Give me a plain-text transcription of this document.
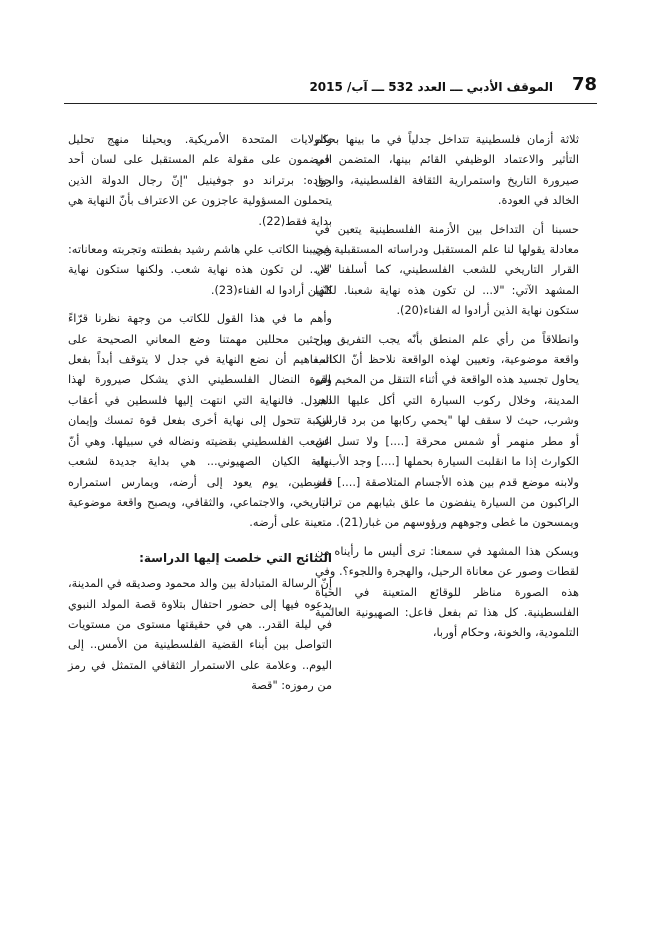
78
الموقف الأدبي ـــ العدد 532 ـــ آب/ 2015

ثلاثة أزمان فلسطينية تتداخل جدلياً في ما بينها بحكم التأثير والاعتماد الوظيفي القائم بينها، المتضمن في صيرورة التاريخ واستمرارية الثقافة الفلسطينية، والحق الخالد في العودة.

حسبنا أن التداخل بين الأزمنة الفلسطينية يتعين في معادلة يقولها لنا علم المستقبل ودراساته المستقبلية في القرار التاريخي للشعب الفلسطيني، كما أسلفنا في المشهد الآتي: "لا... لن تكون هذه نهاية شعبنا. لكنّها ستكون نهاية الذين أرادوا له الفناء(20).

وانطلاقاً من رأي علم المنطق بأنّه يجب التفريق بين واقعة موضوعية، وتعيين لهذه الواقعة نلاحظ أنّ الكاتب يحاول تجسيد هذه الواقعة في أثناء التنقل من المخيم إلى المدينة، وخلال ركوب السيارة التي أكل عليها الدهر وشرب، حيث لا سقف لها "يحمي ركابها من برد قارس، أو مطر منهمر أو شمس محرقة [....] ولا تسل عن الكوارث إذا ما انقلبت السيارة بحملها [....] وجد الأب له ولابنه موضع قدم بين هذه الأجسام المتلاصقة [....] قفز الراكبون من السيارة ينفضون ما علق بثيابهم من تراب، ويمسحون ما غطى وجوههم ورؤوسهم من غبار(21).

ويسكن هذا المشهد في سمعنا: ترى أليس ما رأيناه من لقطات وصور عن معاناة الرحيل، والهجرة واللجوء؟. وفي هذه الصورة مناظر للوقائع المتعينة في الحياة الفلسطينية. كل هذا تم بفعل فاعل: الصهيونية العالمية التلمودية، والخونة، وحكام أوربا،

والولايات المتحدة الأمريكية. ويحيلنا منهج تحليل المضمون على مقولة علم المستقبل على لسان أحد رواده: برتراند دو جوفينيل "إنّ رجال الدولة الذين يتحملون المسؤولية عاجزون عن الاعتراف بأنّ النهاية هي بداية فقط(22).

ويجيبنا الكاتب علي هاشم رشيد بفطنته وتجربته ومعاناته: "لا... لن تكون هذه نهاية شعب. ولكنها ستكون نهاية الذين أرادوا له الفناء(23).

وأهم ما في هذا القول للكاتب من وجهة نظرنا قرّاءً وباحثين محللين مهمتنا وضع المعاني الصحيحة على المفاهيم أن نضع النهاية في جدل لا يتوقف أبداً بفعل وقوة النضال الفلسطيني الذي يشكل صيرورة لهذا الجدل. فالنهاية التي انتهت إليها فلسطين في أعقاب النكبة تتحول إلى نهاية أخرى بفعل قوة تمسك وإيمان الشعب الفلسطيني بقضيته ونضاله في سبيلها. وهي أنّ نهاية الكيان الصهيوني... هي بداية جديدة لشعب فلسطين، يوم يعود إلى أرضه، ويمارس استمراره التاريخي، والاجتماعي، والثقافي، ويصبح واقعة موضوعية متعينة على أرضه.

النتائج التي خلصت إليها الدراسة:

إنّ الرسالة المتبادلة بين والد محمود وصديقه في المدينة، يدعوه فيها إلى حضور احتفال بتلاوة قصة المولد النبوي في ليلة القدر.. هي في حقيقتها مستوى من مستويات التواصل بين أبناء القضية الفلسطينية من الأمس.. إلى اليوم.. وعلامة على الاستمرار الثقافي المتمثل في رمز من رموزه: "قصة
